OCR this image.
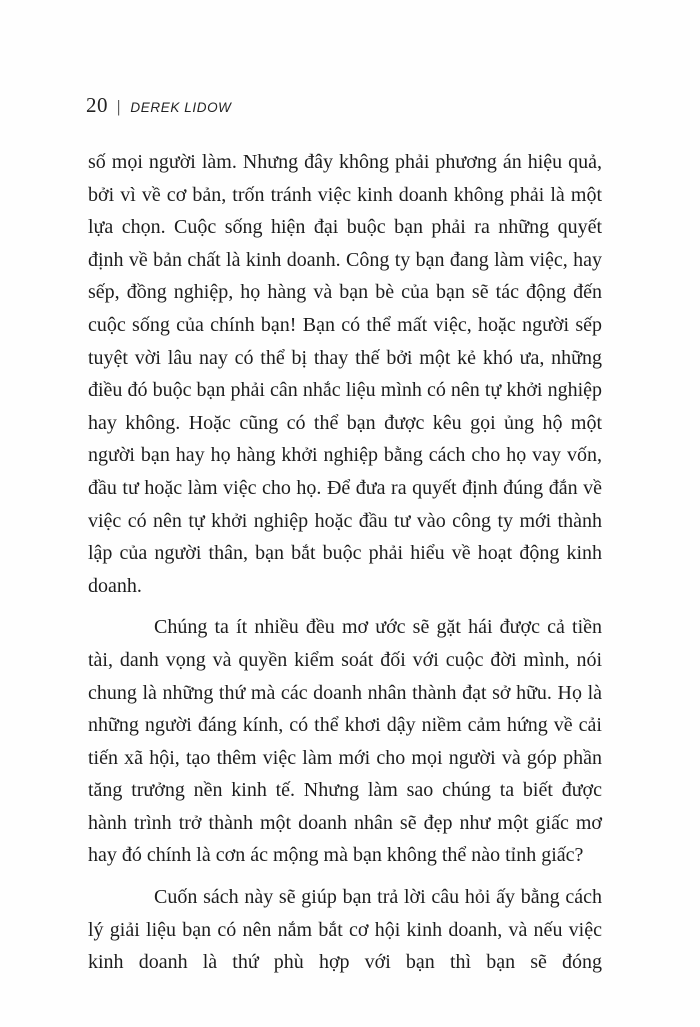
20 | DEREK LIDOW

số mọi người làm. Nhưng đây không phải phương án hiệu quả, bởi vì về cơ bản, trốn tránh việc kinh doanh không phải là một lựa chọn. Cuộc sống hiện đại buộc bạn phải ra những quyết định về bản chất là kinh doanh. Công ty bạn đang làm việc, hay sếp, đồng nghiệp, họ hàng và bạn bè của bạn sẽ tác động đến cuộc sống của chính bạn! Bạn có thể mất việc, hoặc người sếp tuyệt vời lâu nay có thể bị thay thế bởi một kẻ khó ưa, những điều đó buộc bạn phải cân nhắc liệu mình có nên tự khởi nghiệp hay không. Hoặc cũng có thể bạn được kêu gọi ủng hộ một người bạn hay họ hàng khởi nghiệp bằng cách cho họ vay vốn, đầu tư hoặc làm việc cho họ. Để đưa ra quyết định đúng đắn về việc có nên tự khởi nghiệp hoặc đầu tư vào công ty mới thành lập của người thân, bạn bắt buộc phải hiểu về hoạt động kinh doanh.

Chúng ta ít nhiều đều mơ ước sẽ gặt hái được cả tiền tài, danh vọng và quyền kiểm soát đối với cuộc đời mình, nói chung là những thứ mà các doanh nhân thành đạt sở hữu. Họ là những người đáng kính, có thể khơi dậy niềm cảm hứng về cải tiến xã hội, tạo thêm việc làm mới cho mọi người và góp phần tăng trưởng nền kinh tế. Nhưng làm sao chúng ta biết được hành trình trở thành một doanh nhân sẽ đẹp như một giấc mơ hay đó chính là cơn ác mộng mà bạn không thể nào tỉnh giấc?

Cuốn sách này sẽ giúp bạn trả lời câu hỏi ấy bằng cách lý giải liệu bạn có nên nắm bắt cơ hội kinh doanh, và nếu việc kinh doanh là thứ phù hợp với bạn thì bạn sẽ đóng
